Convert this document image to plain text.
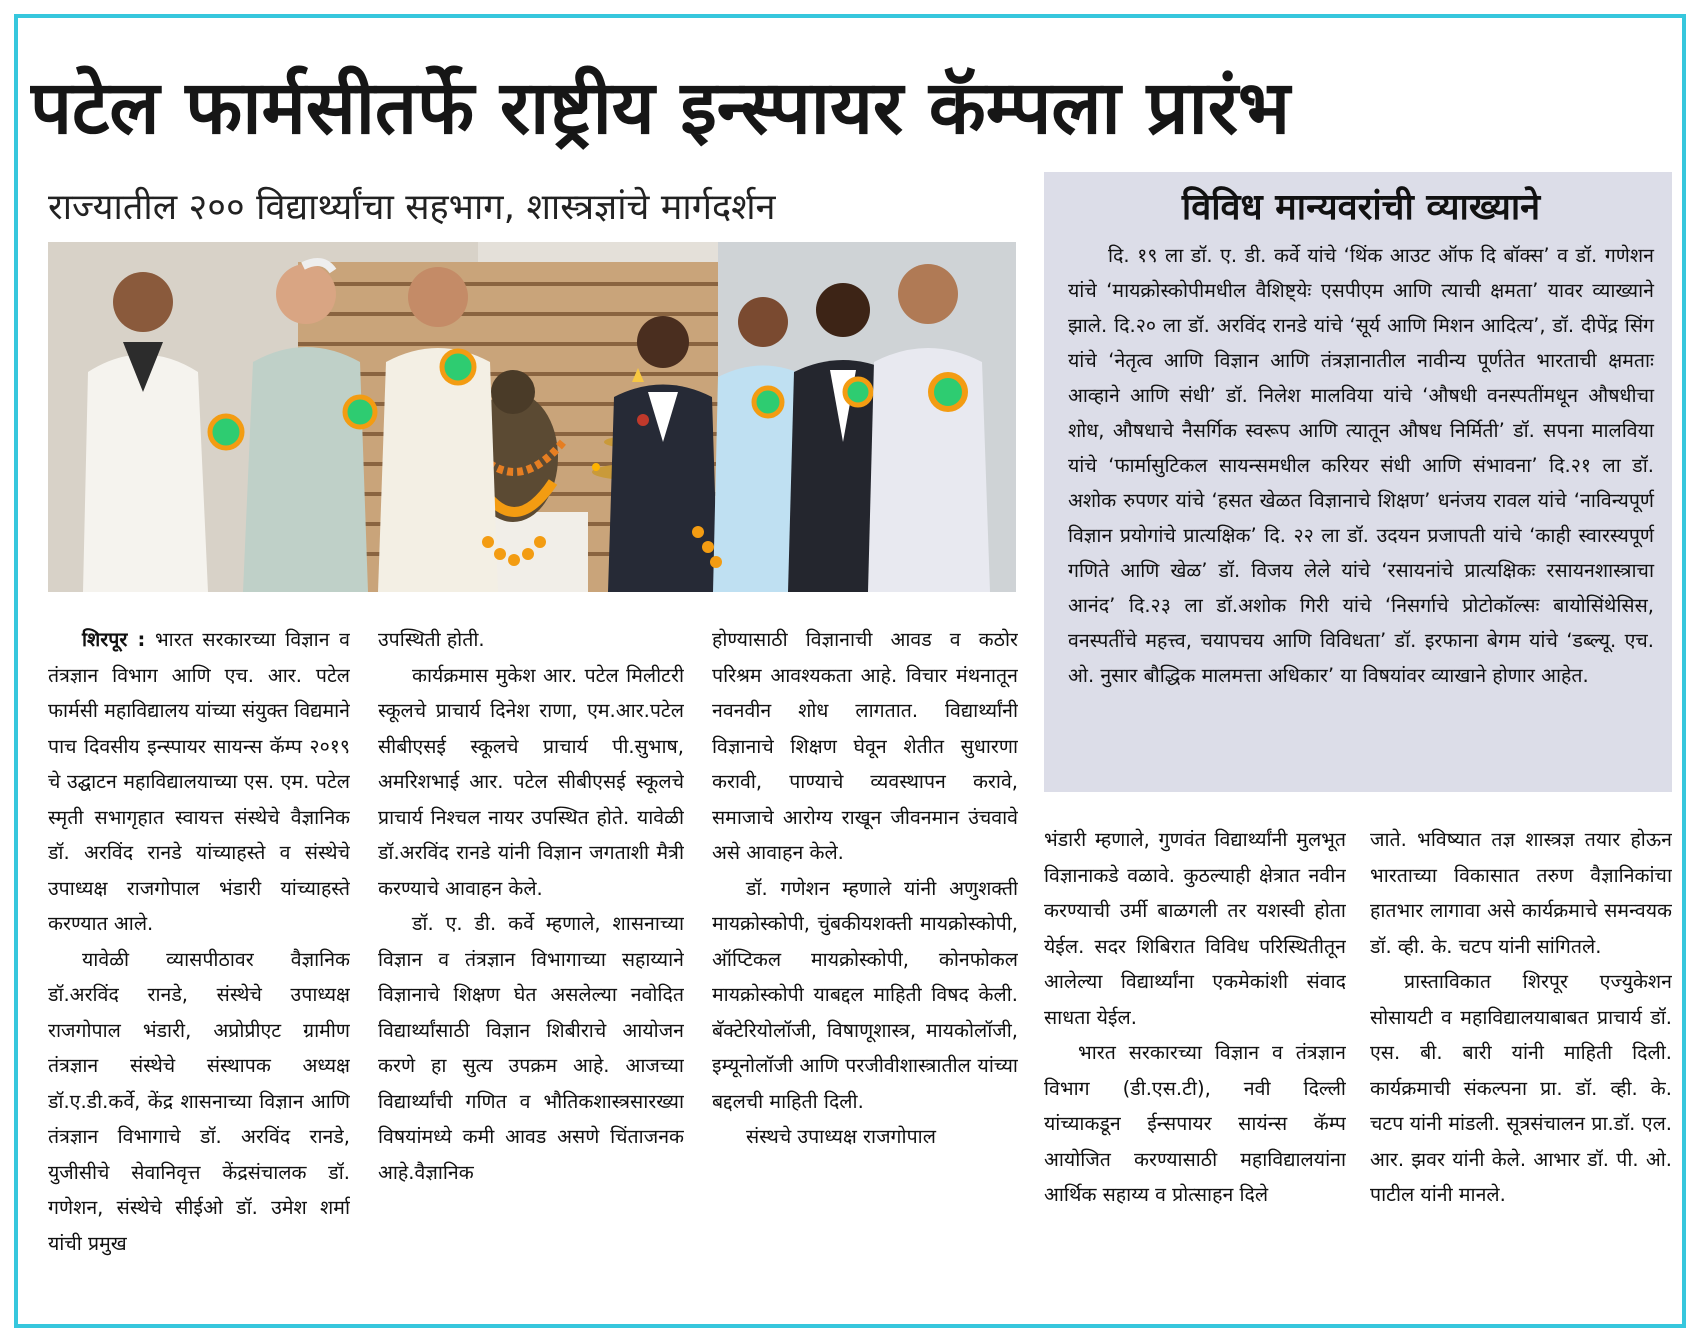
पटेल फार्मसीतर्फे राष्ट्रीय इन्स्पायर कॅम्पला प्रारंभ
राज्यातील २०० विद्यार्थ्यांचा सहभाग, शास्त्रज्ञांचे मार्गदर्शन	विविध मान्यवरांची व्याख्याने

दि. १९ ला डॉ. ए. डी. कर्वे यांचे ‘थिंक आउट ऑफ दि बॉक्स’ व डॉ. गणेशन यांचे ‘मायक्रोस्कोपीमधील वैशिष्ट्येः एसपीएम आणि त्याची क्षमता’ यावर व्याख्याने झाले. दि.२० ला डॉ. अरविंद रानडे यांचे ‘सूर्य आणि मिशन आदित्य’, डॉ. दीपेंद्र सिंग यांचे ‘नेतृत्व आणि विज्ञान आणि तंत्रज्ञानातील नावीन्य पूर्णतेत भारताची क्षमताः आव्हाने आणि संधी’ डॉ. निलेश मालविया यांचे ‘औषधी वनस्पतींमधून औषधीचा शोध, औषधाचे नैसर्गिक स्वरूप आणि त्यातून औषध निर्मिती’ डॉ. सपना मालविया यांचे ‘फार्मासुटिकल सायन्समधील करियर संधी आणि संभावना’ दि.२१ ला डॉ. अशोक रुपणर यांचे ‘हसत खेळत विज्ञानाचे शिक्षण’ धनंजय रावल यांचे ‘नाविन्यपूर्ण विज्ञान प्रयोगांचे प्रात्यक्षिक’ दि. २२ ला डॉ. उदयन प्रजापती यांचे ‘काही स्वारस्यपूर्ण गणिते आणि खेळ’ डॉ. विजय लेले यांचे ‘रसायनांचे प्रात्यक्षिकः रसायनशास्त्राचा आनंद’ दि.२३ ला डॉ.अशोक गिरी यांचे ‘निसर्गाचे प्रोटोकॉल्सः बायोसिंथेसिस, वनस्पतींचे महत्त्व, चयापचय आणि विविधता’ डॉ. इरफाना बेगम यांचे ‘डब्ल्यू. एच. ओ. नुसार बौद्धिक मालमत्ता अधिकार’ या विषयांवर व्याखाने होणार आहेत.

शिरपूर : भारत सरकारच्या विज्ञान व तंत्रज्ञान विभाग आणि एच. आर. पटेल फार्मसी महाविद्यालय यांच्या संयुक्त विद्यमाने पाच दिवसीय इन्स्पायर सायन्स कॅम्प २०१९ चे उद्घाटन महाविद्यालयाच्या एस. एम. पटेल स्मृती सभागृहात स्वायत्त संस्थेचे वैज्ञानिक डॉ. अरविंद रानडे यांच्याहस्ते व संस्थेचे उपाध्यक्ष राजगोपाल भंडारी यांच्याहस्ते करण्यात आले.

यावेळी व्यासपीठावर वैज्ञानिक डॉ.अरविंद रानडे, संस्थेचे उपाध्यक्ष राजगोपाल भंडारी, अप्रोप्रीएट ग्रामीण तंत्रज्ञान संस्थेचे संस्थापक अध्यक्ष डॉ.ए.डी.कर्वे, केंद्र शासनाच्या विज्ञान आणि तंत्रज्ञान विभागाचे डॉ. अरविंद रानडे, युजीसीचे सेवानिवृत्त केंद्रसंचालक डॉ. गणेशन, संस्थेचे सीईओ डॉ. उमेश शर्मा यांची प्रमुख

उपस्थिती होती.

कार्यक्रमास मुकेश आर. पटेल मिलीटरी स्कूलचे प्राचार्य दिनेश राणा, एम.आर.पटेल सीबीएसई स्कूलचे प्राचार्य पी.सुभाष, अमरिशभाई आर. पटेल सीबीएसई स्कूलचे प्राचार्य निश्चल नायर उपस्थित होते. यावेळी डॉ.अरविंद रानडे यांनी विज्ञान जगताशी मैत्री करण्याचे आवाहन केले.

डॉ. ए. डी. कर्वे म्हणाले, शासनाच्या विज्ञान व तंत्रज्ञान विभागाच्या सहाय्याने विज्ञानाचे शिक्षण घेत असलेल्या नवोदित विद्यार्थ्यांसाठी विज्ञान शिबीराचे आयोजन करणे हा सुत्य उपक्रम आहे. आजच्या विद्यार्थ्यांची गणित व भौतिकशास्त्रसारख्या विषयांमध्ये कमी आवड असणे चिंताजनक आहे.वैज्ञानिक

होण्यासाठी विज्ञानाची आवड व कठोर परिश्रम आवश्यकता आहे. विचार मंथनातून नवनवीन शोध लागतात. विद्यार्थ्यांनी विज्ञानाचे शिक्षण घेवून शेतीत सुधारणा करावी, पाण्याचे व्यवस्थापन करावे, समाजाचे आरोग्य राखून जीवनमान उंचवावे असे आवाहन केले.

डॉ. गणेशन म्हणाले यांनी अणुशक्ती मायक्रोस्कोपी, चुंबकीयशक्ती मायक्रोस्कोपी, ऑप्टिकल मायक्रोस्कोपी, कोनफोकल मायक्रोस्कोपी याबद्दल माहिती विषद केली. बॅक्टेरियोलॉजी, विषाणूशास्त्र, मायकोलॉजी, इम्यूनोलॉजी आणि परजीवीशास्त्रातील यांच्या बद्दलची माहिती दिली.

संस्थचे उपाध्यक्ष राजगोपाल

भंडारी म्हणाले, गुणवंत विद्यार्थ्यांनी मुलभूत विज्ञानाकडे वळावे. कुठल्याही क्षेत्रात नवीन करण्याची उर्मी बाळगली तर यशस्वी होता येईल. सदर शिबिरात विविध परिस्थितीतून आलेल्या विद्यार्थ्यांना एकमेकांशी संवाद साधता येईल.

भारत सरकारच्या विज्ञान व तंत्रज्ञान विभाग (डी.एस.टी), नवी दिल्ली यांच्याकडून ईन्सपायर सायंन्स कॅम्प आयोजित करण्यासाठी महाविद्यालयांना आर्थिक सहाय्य व प्रोत्साहन दिले

जाते. भविष्यात तज्ञ शास्त्रज्ञ तयार होऊन भारताच्या विकासात तरुण वैज्ञानिकांचा हातभार लागावा असे कार्यक्रमाचे समन्वयक डॉ. व्ही. के. चटप यांनी सांगितले.

प्रास्ताविकात शिरपूर एज्युकेशन सोसायटी व महाविद्यालयाबाबत प्राचार्य डॉ. एस. बी. बारी यांनी माहिती दिली. कार्यक्रमाची संकल्पना प्रा. डॉ. व्ही. के. चटप यांनी मांडली. सूत्रसंचालन प्रा.डॉ. एल. आर. झवर यांनी केले. आभार डॉ. पी. ओ. पाटील यांनी मानले.
